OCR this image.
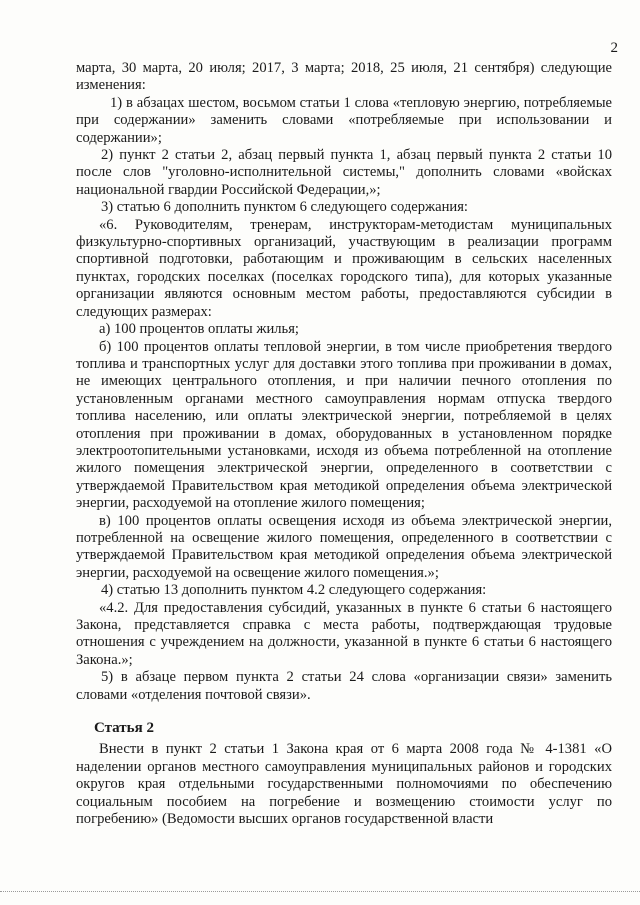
2

марта, 30 марта, 20 июля; 2017, 3 марта; 2018, 25 июля, 21 сентября) следующие изменения:

1) в абзацах шестом, восьмом статьи 1 слова «тепловую энергию, потребляемые при содержании» заменить словами «потребляемые при использовании и содержании»;

2) пункт 2 статьи 2, абзац первый пункта 1, абзац первый пункта 2 статьи 10 после слов "уголовно-исполнительной системы," дополнить словами «войсках национальной гвардии Российской Федерации,»;

3) статью 6 дополнить пунктом 6 следующего содержания:

«6. Руководителям, тренерам, инструкторам-методистам муниципальных физкультурно-спортивных организаций, участвующим в реализации программ спортивной подготовки, работающим и проживающим в сельских населенных пунктах, городских поселках (поселках городского типа), для которых указанные организации являются основным местом работы, предоставляются субсидии в следующих размерах:

а) 100 процентов оплаты жилья;

б) 100 процентов оплаты тепловой энергии, в том числе приобретения твердого топлива и транспортных услуг для доставки этого топлива при проживании в домах, не имеющих центрального отопления, и при наличии печного отопления по установленным органами местного самоуправления нормам отпуска твердого топлива населению, или оплаты электрической энергии, потребляемой в целях отопления при проживании в домах, оборудованных в установленном порядке электроотопительными установками, исходя из объема потребленной на отопление жилого помещения электрической энергии, определенного в соответствии с утверждаемой Правительством края методикой определения объема электрической энергии, расходуемой на отопление жилого помещения;

в) 100 процентов оплаты освещения исходя из объема электрической энергии, потребленной на освещение жилого помещения, определенного в соответствии с утверждаемой Правительством края методикой определения объема электрической энергии, расходуемой на освещение жилого помещения.»;

4) статью 13 дополнить пунктом 4.2 следующего содержания:

«4.2. Для предоставления субсидий, указанных в пункте 6 статьи 6 настоящего Закона, представляется справка с места работы, подтверждающая трудовые отношения с учреждением на должности, указанной в пункте 6 статьи 6 настоящего Закона.»;

5) в абзаце первом пункта 2 статьи 24 слова «организации связи» заменить словами «отделения почтовой связи».

Статья 2

Внести в пункт 2 статьи 1 Закона края от 6 марта 2008 года № 4-1381 «О наделении органов местного самоуправления муниципальных районов и городских округов края отдельными государственными полномочиями по обеспечению социальным пособием на погребение и возмещению стоимости услуг по погребению» (Ведомости высших органов государственной власти
